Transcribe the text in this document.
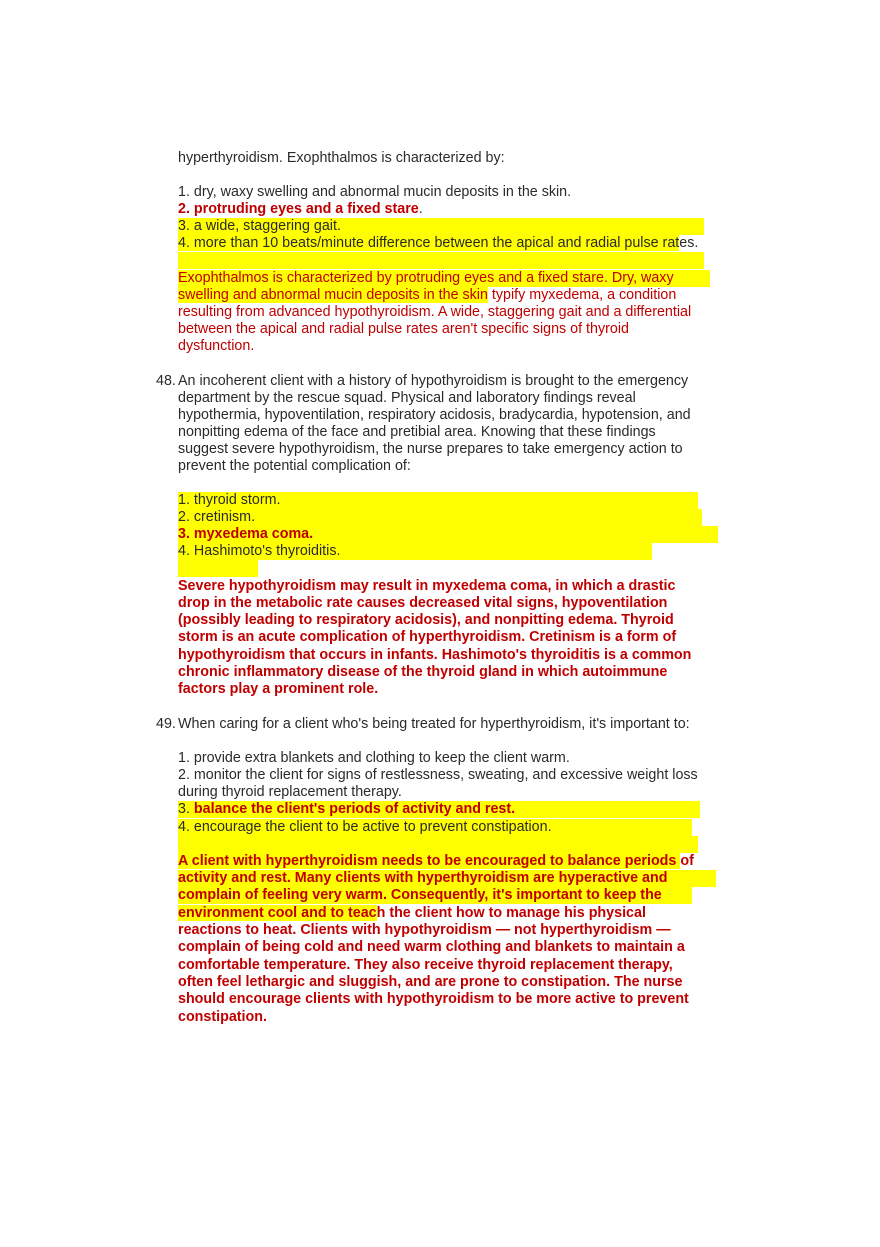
hyperthyroidism. Exophthalmos is characterized by:
1. dry, waxy swelling and abnormal mucin deposits in the skin.
2. protruding eyes and a fixed stare.
3. a wide, staggering gait.
4. more than 10 beats/minute difference between the apical and radial pulse rates.
Exophthalmos is characterized by protruding eyes and a fixed stare. Dry, waxy
swelling and abnormal mucin deposits in the skin typify myxedema, a condition
resulting from advanced hypothyroidism. A wide, staggering gait and a differential
between the apical and radial pulse rates aren't specific signs of thyroid
dysfunction.
48. An incoherent client with a history of hypothyroidism is brought to the emergency
department by the rescue squad. Physical and laboratory findings reveal
hypothermia, hypoventilation, respiratory acidosis, bradycardia, hypotension, and
nonpitting edema of the face and pretibial area. Knowing that these findings
suggest severe hypothyroidism, the nurse prepares to take emergency action to
prevent the potential complication of:
1. thyroid storm.
2. cretinism.
3. myxedema coma.
4. Hashimoto's thyroiditis.
Severe hypothyroidism may result in myxedema coma, in which a drastic
drop in the metabolic rate causes decreased vital signs, hypoventilation
(possibly leading to respiratory acidosis), and nonpitting edema. Thyroid
storm is an acute complication of hyperthyroidism. Cretinism is a form of
hypothyroidism that occurs in infants. Hashimoto's thyroiditis is a common
chronic inflammatory disease of the thyroid gland in which autoimmune
factors play a prominent role.
49. When caring for a client who's being treated for hyperthyroidism, it's important to:
1. provide extra blankets and clothing to keep the client warm.
2. monitor the client for signs of restlessness, sweating, and excessive weight loss
during thyroid replacement therapy.
3. balance the client's periods of activity and rest.
4. encourage the client to be active to prevent constipation.
A client with hyperthyroidism needs to be encouraged to balance periods of
activity and rest. Many clients with hyperthyroidism are hyperactive and
complain of feeling very warm. Consequently, it's important to keep the
environment cool and to teach the client how to manage his physical
reactions to heat. Clients with hypothyroidism — not hyperthyroidism —
complain of being cold and need warm clothing and blankets to maintain a
comfortable temperature. They also receive thyroid replacement therapy,
often feel lethargic and sluggish, and are prone to constipation. The nurse
should encourage clients with hypothyroidism to be more active to prevent
constipation.
